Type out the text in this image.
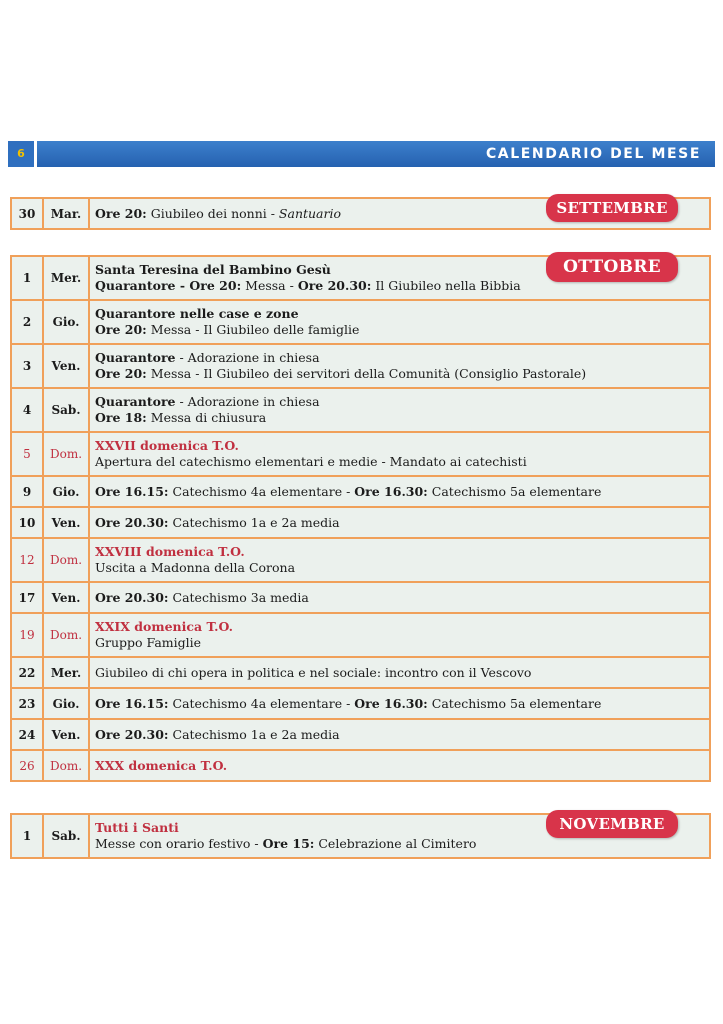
6	CALENDARIO DEL MESE
30	Mar.	Ore 20: Giubileo dei nonni - Santuario	SETTEMBRE
1	Mer.	Santa Teresina del Bambino Gesù
Quarantore - Ore 20: Messa - Ore 20.30: Il Giubileo nella Bibbia
2	Gio.	Quarantore nelle case e zone
Ore 20: Messa - Il Giubileo delle famiglie
3	Ven.	Quarantore - Adorazione in chiesa
Ore 20: Messa - Il Giubileo dei servitori della Comunità (Consiglio Pastorale)
4	Sab.	Quarantore - Adorazione in chiesa
Ore 18: Messa di chiusura
5	Dom.	XXVII domenica T.O.
Apertura del catechismo elementari e medie - Mandato ai catechisti
9	Gio.	Ore 16.15: Catechismo 4a elementare - Ore 16.30: Catechismo 5a elementare
10	Ven.	Ore 20.30: Catechismo 1a e 2a media
12	Dom.	XXVIII domenica T.O.
Uscita a Madonna della Corona
17	Ven.	Ore 20.30: Catechismo 3a media
19	Dom.	XXIX domenica T.O.
Gruppo Famiglie
22	Mer.	Giubileo di chi opera in politica e nel sociale: incontro con il Vescovo
23	Gio.	Ore 16.15: Catechismo 4a elementare - Ore 16.30: Catechismo 5a elementare
24	Ven.	Ore 20.30: Catechismo 1a e 2a media
26	Dom.	XXX domenica T.O.
OTTOBRE
1	Sab.	Tutti i Santi
Messe con orario festivo - Ore 15: Celebrazione al Cimitero
NOVEMBRE
